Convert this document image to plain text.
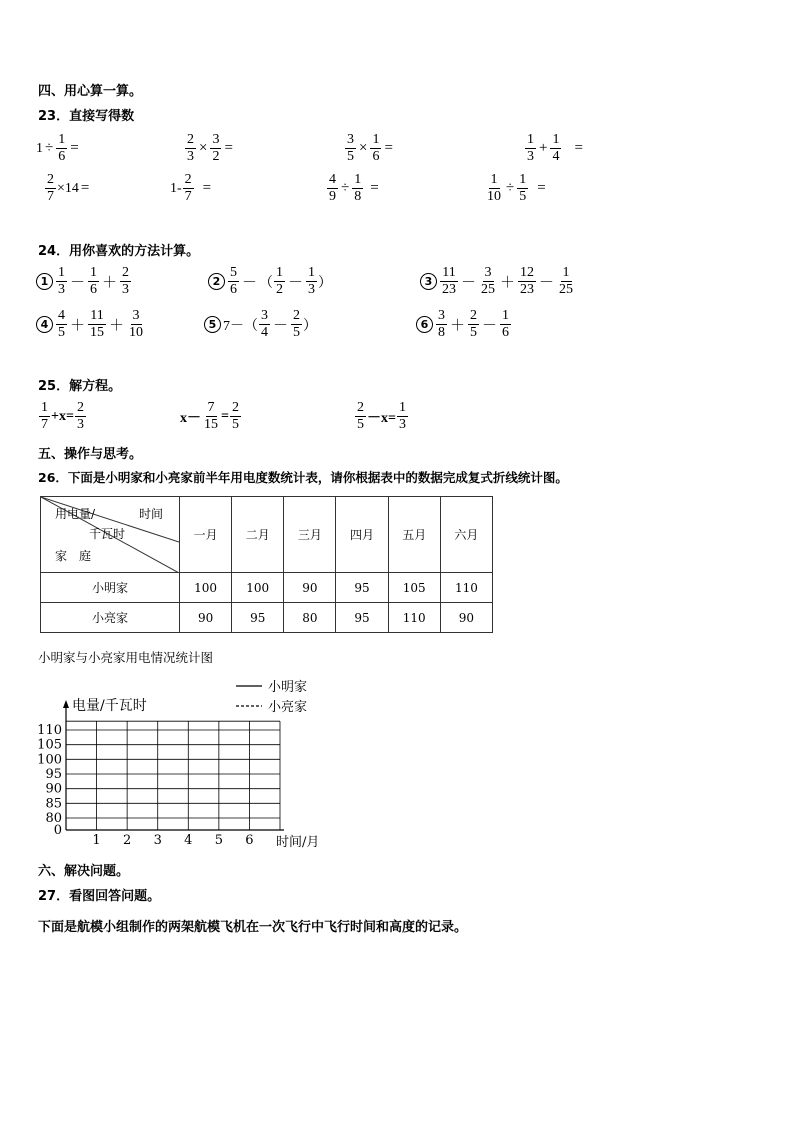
四、用心算一算。
23．直接写得数
$1 \div \frac{1}{6}$ =	$\frac{2}{3} \times \frac{3}{2}$ =	$\frac{3}{5} \times \frac{1}{6}$ =	$\frac{1}{3} + \frac{1}{4}$ =
$\frac{2}{7} \times 14$ =	$1- \frac{2}{7}$ =	$\frac{4}{9} \div \frac{1}{8}$ =	$\frac{1}{10} \div \frac{1}{5}$ =
24．用你喜欢的方法计算。
$1 \frac{1}{3} - \frac{1}{6} + \frac{2}{3}$	$2 \frac{5}{6}$ － （ $\frac{1}{2} - \frac{1}{3}$ ）	$3 \frac{11}{23} - \frac{3}{25} + \frac{12}{23} - \frac{1}{25}$
$4 \frac{4}{5} + \frac{11}{15} + \frac{3}{10}$	5 $7-( \frac{3}{4} - \frac{2}{5}$ ）	$6 \frac{3}{8} + \frac{2}{5} - \frac{1}{6}$
25．解方程。
$\frac{1}{7} +x= \frac{2}{3}$	$x- \frac{7}{15} = \frac{2}{5}$	$\frac{2}{5} -x= \frac{1}{3}$
五、操作与思考。
26．下面是小明家和小亮家前半年用电度数统计表，请你根据表中的数据完成复式折线统计图。
用电量/ 时间
千瓦时
家　庭	一月	二月	三月	四月	五月	六月
小明家	100	100	90	95	105	110
小亮家	90	95	80	95	110	90
小明家与小亮家用电情况统计图
80
85
90
95
100
105
110
0
1 2 3 4 5 6
电量/千瓦时
时间/月
小明家
小亮家
六、解决问题。
27．看图回答问题。
下面是航模小组制作的两架航模飞机在一次飞行中飞行时间和高度的记录。
